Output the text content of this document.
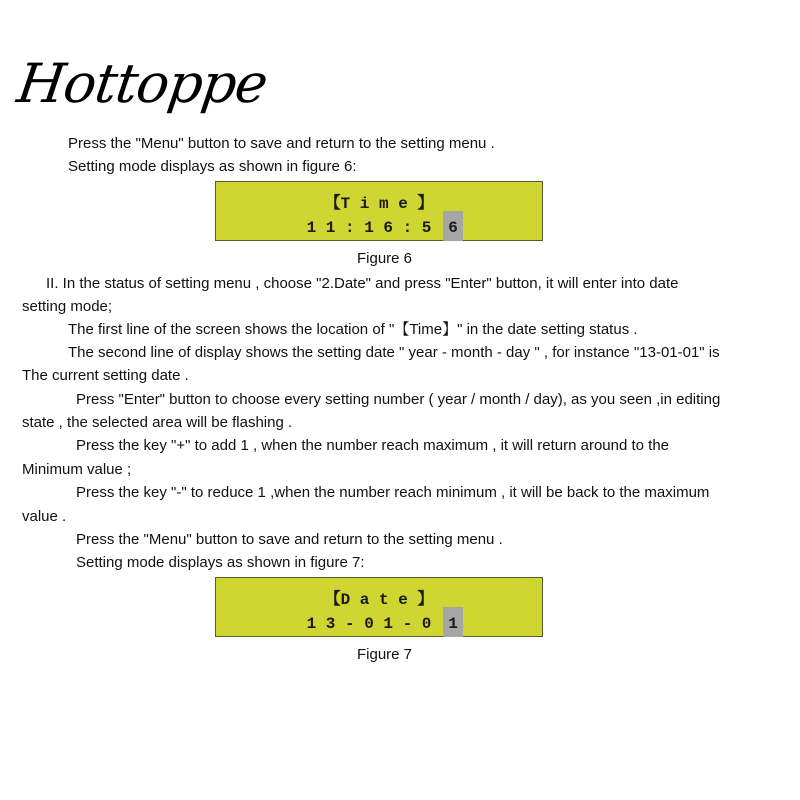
Hottoppe
Press the "Menu" button to save and return to the setting menu .
Setting mode displays as shown in figure 6:
【T i m e 】
1 1 : 1 6 : 5	6
Figure 6
II. In the status of setting menu , choose "2.Date" and press "Enter" button, it will enter into date
setting mode;
The first line of the screen shows the location of "【Time】" in the date setting status .
The second line of display shows the setting date " year - month - day " , for instance "13-01-01" is
The current setting date .
Press "Enter" button to choose every setting number ( year / month / day), as you seen ,in editing
state , the selected area will be flashing .
Press the key "+" to add 1 , when the number reach maximum , it will return around to the
Minimum value ;
Press the key "-" to reduce 1 ,when the number reach minimum , it will be back to the maximum
value .
Press the "Menu" button to save and return to the setting menu .
Setting mode displays as shown in figure 7:
【D a t e 】
1 3 - 0 1 - 0	1
Figure 7
